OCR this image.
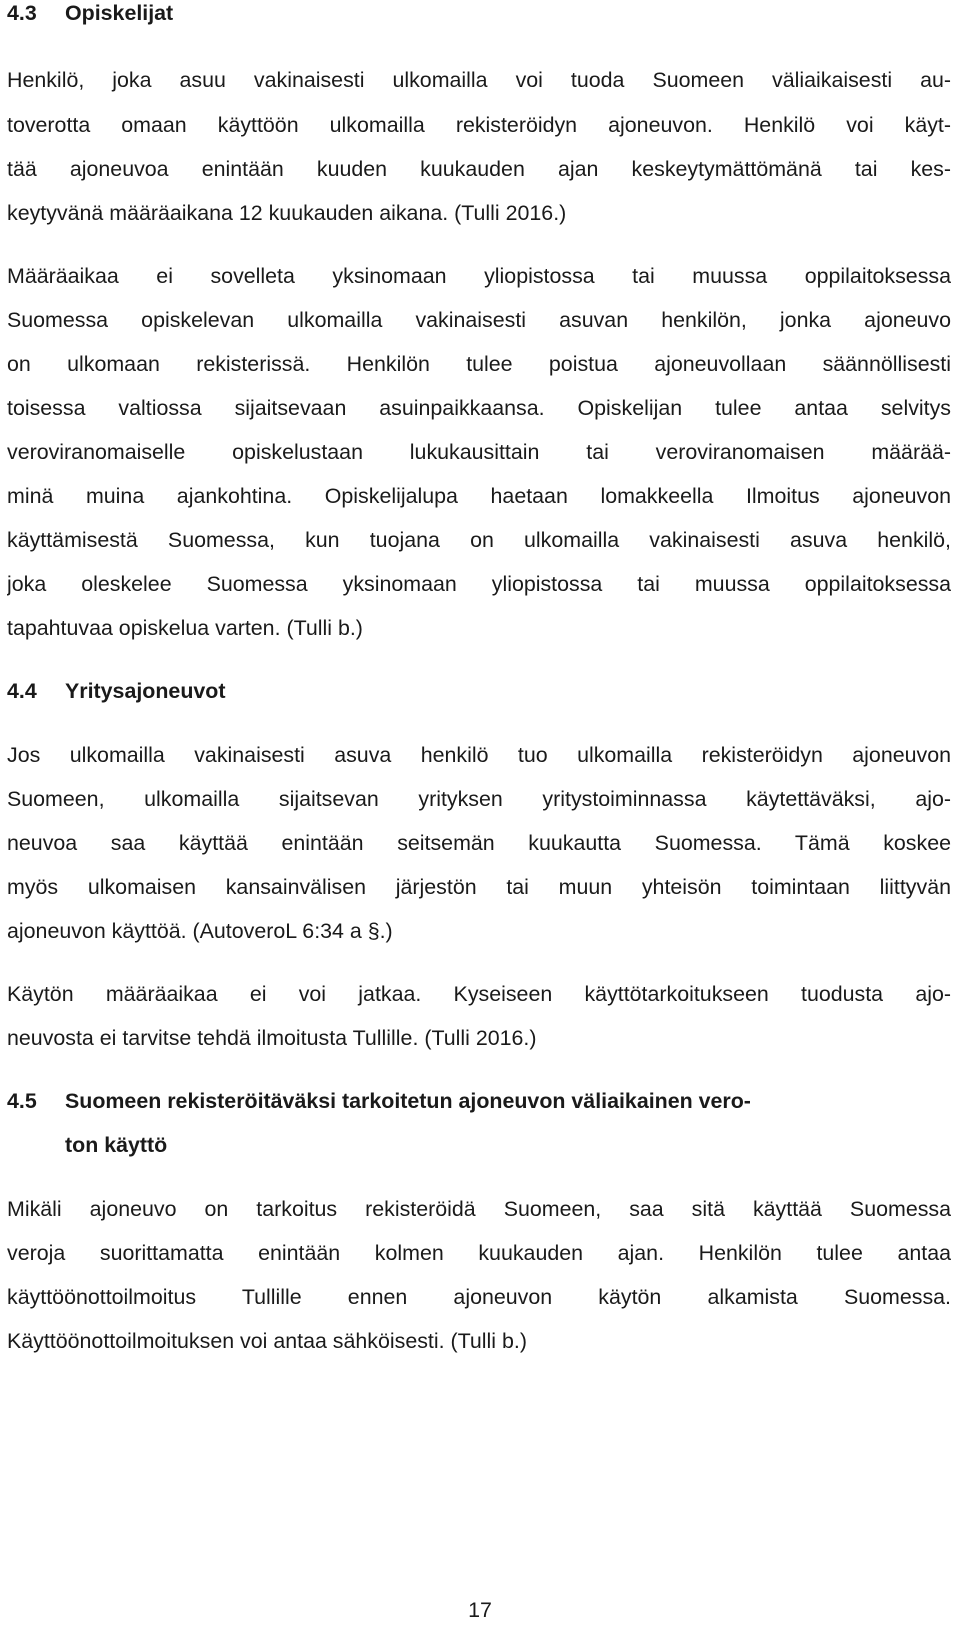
4.3 Opiskelijat
Henkilö, joka asuu vakinaisesti ulkomailla voi tuoda Suomeen väliaikaisesti au-
toverotta omaan käyttöön ulkomailla rekisteröidyn ajoneuvon. Henkilö voi käyt-
tää ajoneuvoa enintään kuuden kuukauden ajan keskeytymättömänä tai kes-
keytyvänä määräaikana 12 kuukauden aikana. (Tulli 2016.)
Määräaikaa ei sovelleta yksinomaan yliopistossa tai muussa oppilaitoksessa
Suomessa opiskelevan ulkomailla vakinaisesti asuvan henkilön, jonka ajoneuvo
on ulkomaan rekisterissä. Henkilön tulee poistua ajoneuvollaan säännöllisesti
toisessa valtiossa sijaitsevaan asuinpaikkaansa. Opiskelijan tulee antaa selvitys
veroviranomaiselle opiskelustaan lukukausittain tai veroviranomaisen määrää-
minä muina ajankohtina. Opiskelijalupa haetaan lomakkeella Ilmoitus ajoneuvon
käyttämisestä Suomessa, kun tuojana on ulkomailla vakinaisesti asuva henkilö,
joka oleskelee Suomessa yksinomaan yliopistossa tai muussa oppilaitoksessa
tapahtuvaa opiskelua varten. (Tulli b.)
4.4 Yritysajoneuvot
Jos ulkomailla vakinaisesti asuva henkilö tuo ulkomailla rekisteröidyn ajoneuvon
Suomeen, ulkomailla sijaitsevan yrityksen yritystoiminnassa käytettäväksi, ajo-
neuvoa saa käyttää enintään seitsemän kuukautta Suomessa. Tämä koskee
myös ulkomaisen kansainvälisen järjestön tai muun yhteisön toimintaan liittyvän
ajoneuvon käyttöä. (AutoveroL 6:34 a §.)
Käytön määräaikaa ei voi jatkaa. Kyseiseen käyttötarkoitukseen tuodusta ajo-
neuvosta ei tarvitse tehdä ilmoitusta Tullille. (Tulli 2016.)
4.5 Suomeen rekisteröitäväksi tarkoitetun ajoneuvon väliaikainen vero-
ton käyttö
Mikäli ajoneuvo on tarkoitus rekisteröidä Suomeen, saa sitä käyttää Suomessa
veroja suorittamatta enintään kolmen kuukauden ajan. Henkilön tulee antaa
käyttöönottoilmoitus Tullille ennen ajoneuvon käytön alkamista Suomessa.
Käyttöönottoilmoituksen voi antaa sähköisesti. (Tulli b.)
17
